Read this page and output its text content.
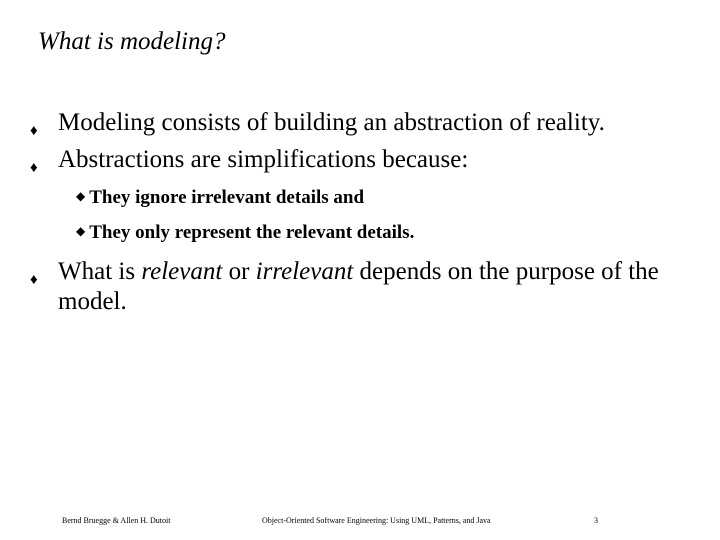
What is modeling?
♦ Modeling consists of building an abstraction of reality.
♦ Abstractions are simplifications because:
◆ They ignore irrelevant details and
◆ They only represent the relevant details.
♦ What is relevant or irrelevant depends on the purpose of the model.
Bernd Bruegge & Allen H. Dutoit	Object-Oriented Software Engineering: Using UML, Patterns, and Java	3
